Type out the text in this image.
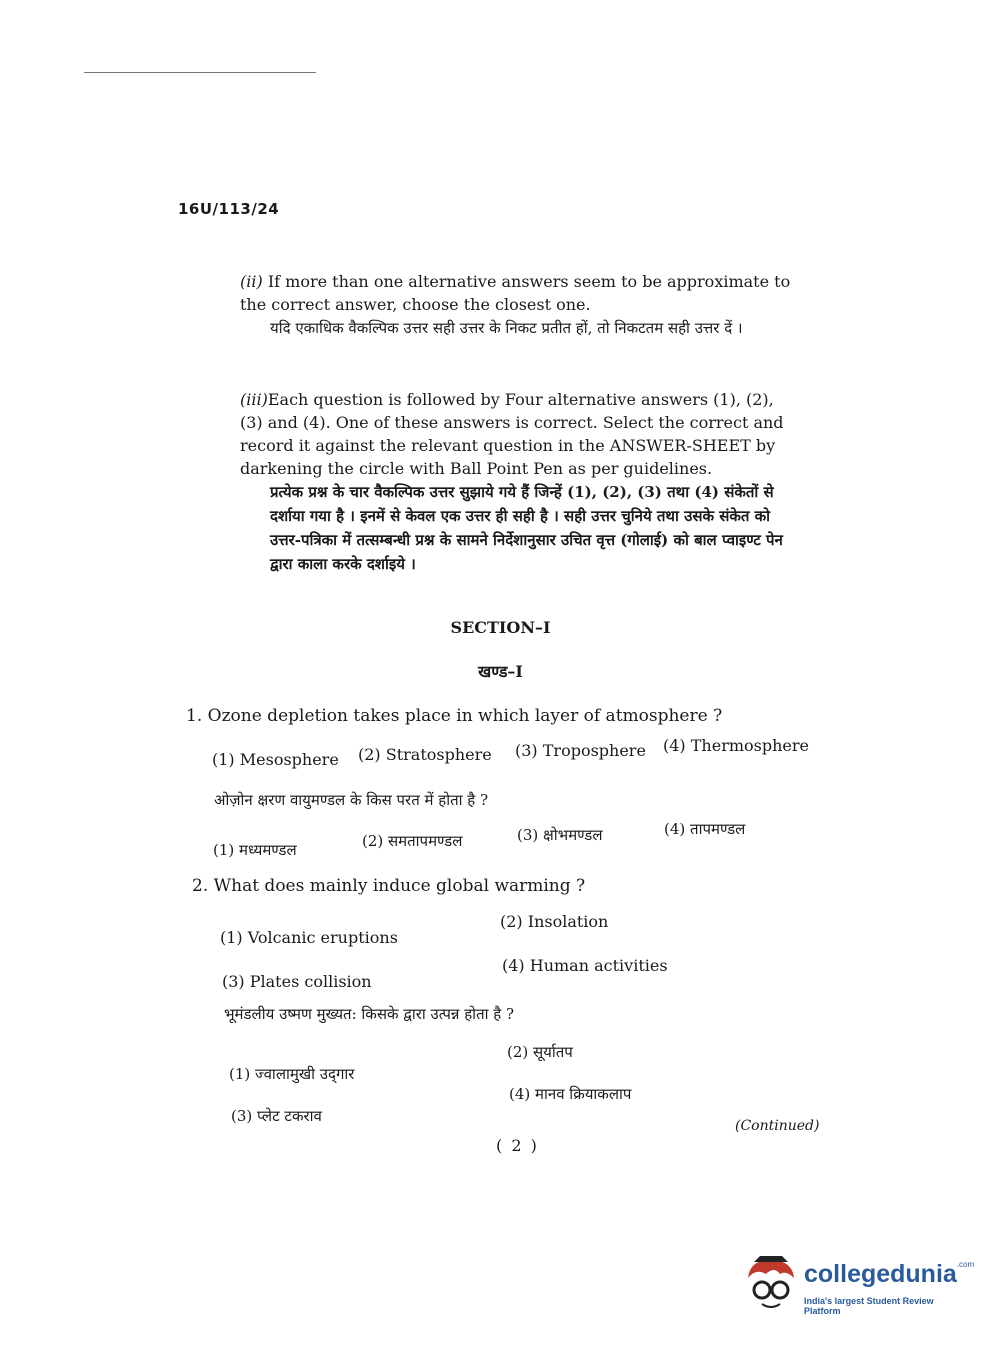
16U/113/24
(ii) If more than one alternative answers seem to be approximate to the correct answer, choose the closest one.
यदि एकाधिक वैकल्पिक उत्तर सही उत्तर के निकट प्रतीत हों, तो निकटतम सही उत्तर दें ।
(iii)Each question is followed by Four alternative answers (1), (2), (3) and (4). One of these answers is correct. Select the correct and record it against the relevant question in the ANSWER-SHEET by darkening the circle with Ball Point Pen as per guidelines.
प्रत्येक प्रश्न के चार वैकल्पिक उत्तर सुझाये गये हैं जिन्हें (1), (2), (3) तथा (4) संकेतों से दर्शाया गया है । इनमें से केवल एक उत्तर ही सही है । सही उत्तर चुनिये तथा उसके संकेत को उत्तर-पत्रिका में तत्सम्बन्धी प्रश्न के सामने निर्देशानुसार उचित वृत्त (गोलाई) को बाल प्वाइण्ट पेन द्वारा काला करके दर्शाइये ।
SECTION–I
खण्ड–I
1. Ozone depletion takes place in which layer of atmosphere ?
(1) Mesosphere (2) Stratosphere (3) Troposphere (4) Thermosphere
ओज़ोन क्षरण वायुमण्डल के किस परत में होता है ?
(1) मध्यमण्डल	(2) समतापमण्डल	(3) क्षोभमण्डल	(4) तापमण्डल
2. What does mainly induce global warming ?
(1) Volcanic eruptions
(2) Insolation
(3) Plates collision
(4) Human activities
भूमंडलीय उष्मण मुख्यत: किसके द्वारा उत्पन्न होता है ?
(1) ज्वालामुखी उद्‌गार
(2) सूर्यातप
(3) प्लेट टकराव
(4) मानव क्रियाकलाप
(Continued)
( 2 )
collegedunia$^{.com}$
India's largest Student Review Platform
